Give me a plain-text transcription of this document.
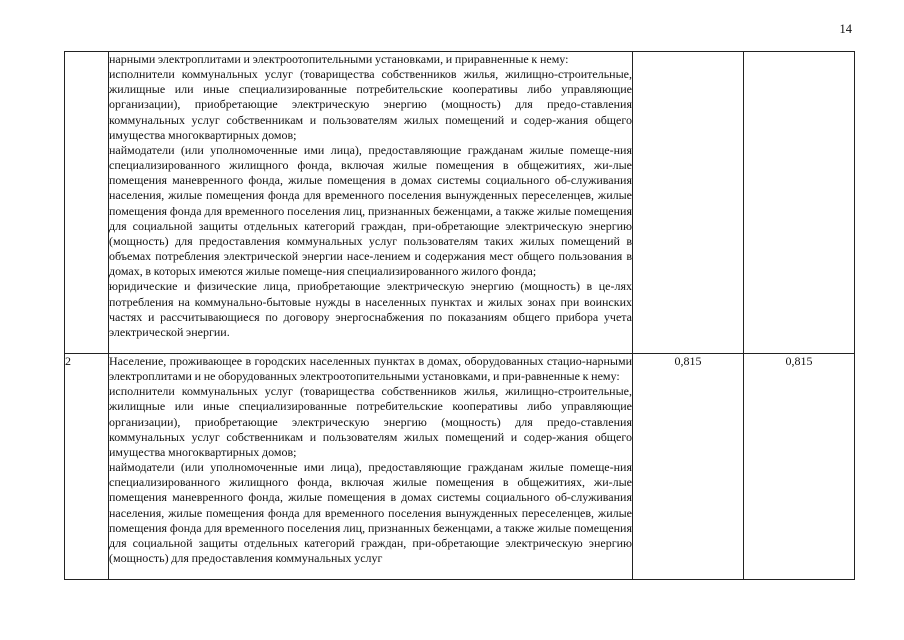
14

	нарными электроплитами и электроотопительными установками, и приравненные к нему:
исполнители коммунальных услуг (товарищества собственников жилья, жилищно-строительные, жилищные или иные специализированные потребительские кооперативы либо управляющие организации), приобретающие электрическую энергию (мощность) для предо-ставления коммунальных услуг собственникам и пользователям жилых помещений и содер-жания общего имущества многоквартирных домов;
наймодатели (или уполномоченные ими лица), предоставляющие гражданам жилые помеще-ния специализированного жилищного фонда, включая жилые помещения в общежитиях, жи-лые помещения маневренного фонда, жилые помещения в домах системы социального об-служивания населения, жилые помещения фонда для временного поселения вынужденных переселенцев, жилые помещения фонда для временного поселения лиц, признанных беженцами, а также жилые помещения для социальной защиты отдельных категорий граждан, при-обретающие электрическую энергию (мощность) для предоставления коммунальных услуг пользователям таких жилых помещений в объемах потребления электрической энергии насе-лением и содержания мест общего пользования в домах, в которых имеются жилые помеще-ния специализированного жилого фонда;
юридические и физические лица, приобретающие электрическую энергию (мощность) в це-лях потребления на коммунально-бытовые нужды в населенных пунктах и жилых зонах при воинских частях и рассчитывающиеся по договору энергоснабжения по показаниям общего прибора учета электрической энергии.		

2	Население, проживающее в городских населенных пунктах в домах, оборудованных стацио-нарными электроплитами и не оборудованных электроотопительными установками, и при-равненные к нему:
исполнители коммунальных услуг (товарищества собственников жилья, жилищно-строительные, жилищные или иные специализированные потребительские кооперативы либо управляющие организации), приобретающие электрическую энергию (мощность) для предо-ставления коммунальных услуг собственникам и пользователям жилых помещений и содер-жания общего имущества многоквартирных домов;
наймодатели (или уполномоченные ими лица), предоставляющие гражданам жилые помеще-ния специализированного жилищного фонда, включая жилые помещения в общежитиях, жи-лые помещения маневренного фонда, жилые помещения в домах системы социального об-служивания населения, жилые помещения фонда для временного поселения вынужденных переселенцев, жилые помещения фонда для временного поселения лиц, признанных беженцами, а также жилые помещения для социальной защиты отдельных категорий граждан, при-обретающие электрическую энергию (мощность) для предоставления коммунальных услуг	0,815	0,815
